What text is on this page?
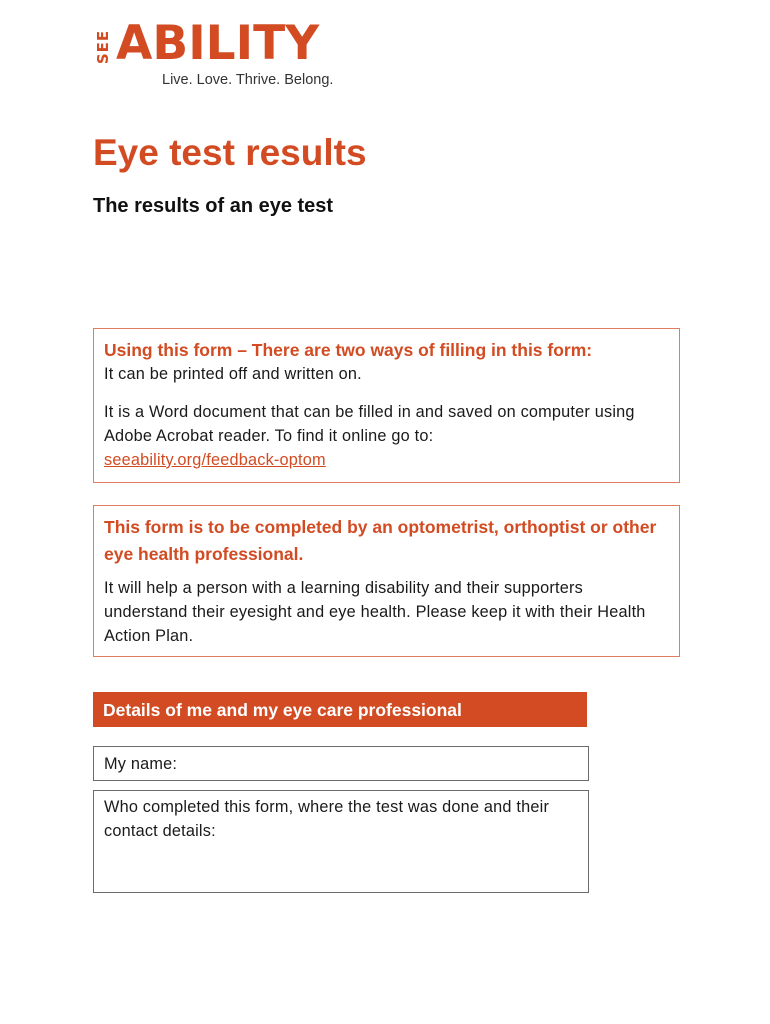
SEE ABILITY
Live. Love. Thrive. Belong.
Eye test results
The results of an eye test

Using this form – There are two ways of filling in this form:

It can be printed off and written on.

It is a Word document that can be filled in and saved on computer using Adobe Acrobat reader. To find it online go to:
seeability.org/feedback-optom

This form is to be completed by an optometrist, orthoptist or other eye health professional.

It will help a person with a learning disability and their supporters understand their eyesight and eye health. Please keep it with their Health Action Plan.

Details of me and my eye care professional
My name:
Who completed this form, where the test was done and their contact details:
